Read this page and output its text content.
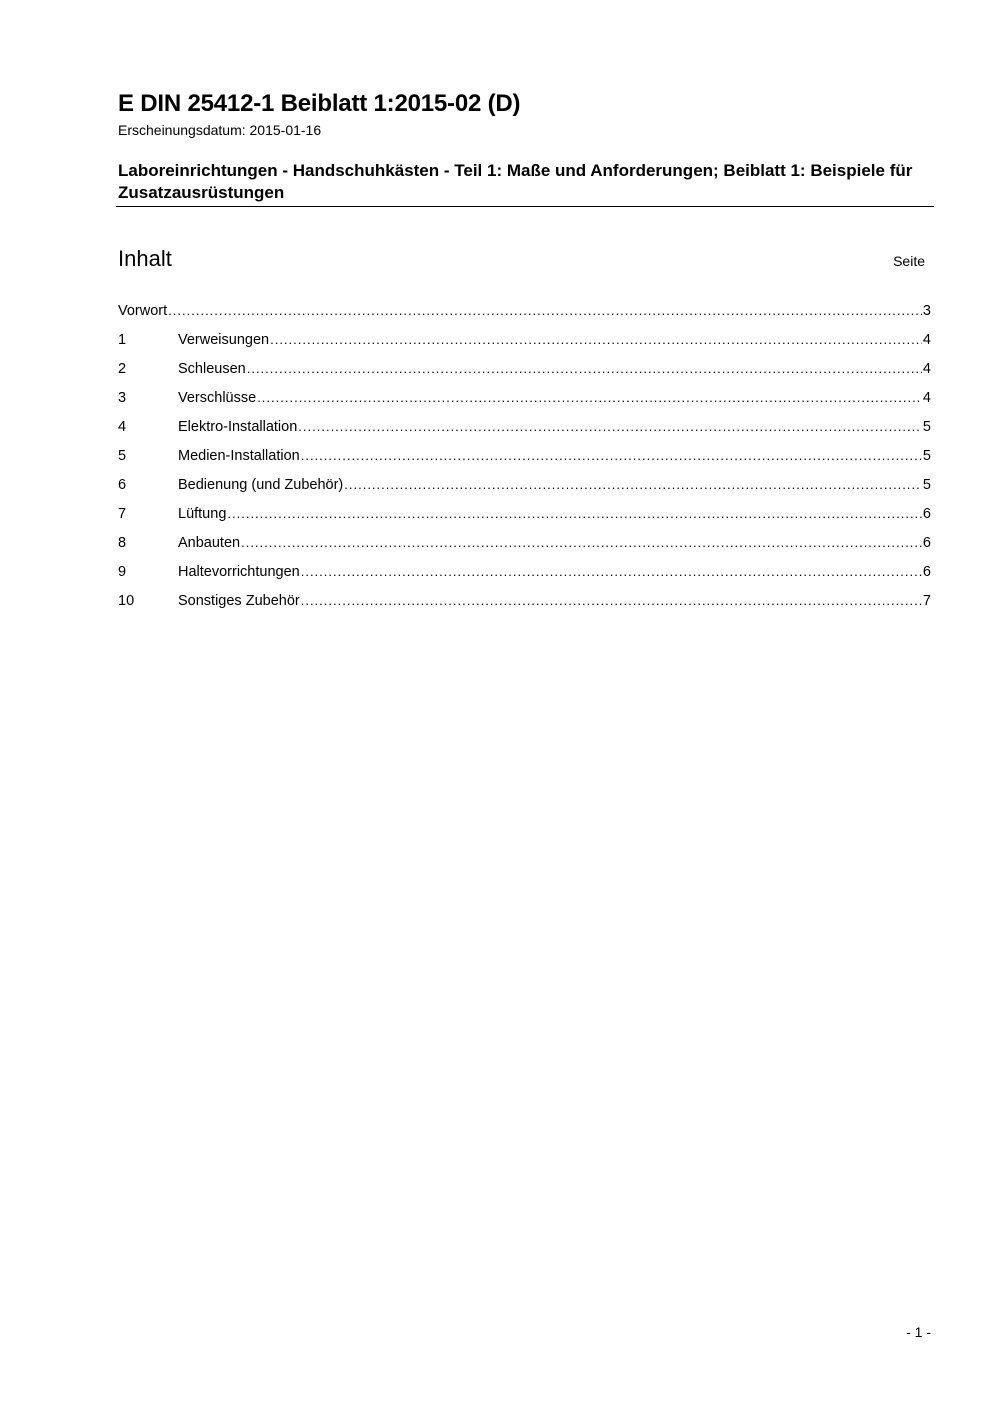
E DIN 25412-1 Beiblatt 1:2015-02 (D)
Erscheinungsdatum: 2015-01-16
Laboreinrichtungen - Handschuhkästen - Teil 1: Maße und Anforderungen; Beiblatt 1: Beispiele für Zusatzausrüstungen
Inhalt	Seite
Vorwort .....	3
1	Verweisungen .....	4
2	Schleusen .....	4
3	Verschlüsse .....	4
4	Elektro-Installation .....	5
5	Medien-Installation .....	5
6	Bedienung (und Zubehör) .....	5
7	Lüftung .....	6
8	Anbauten .....	6
9	Haltevorrichtungen .....	6
10	Sonstiges Zubehör .....	7
- 1 -
